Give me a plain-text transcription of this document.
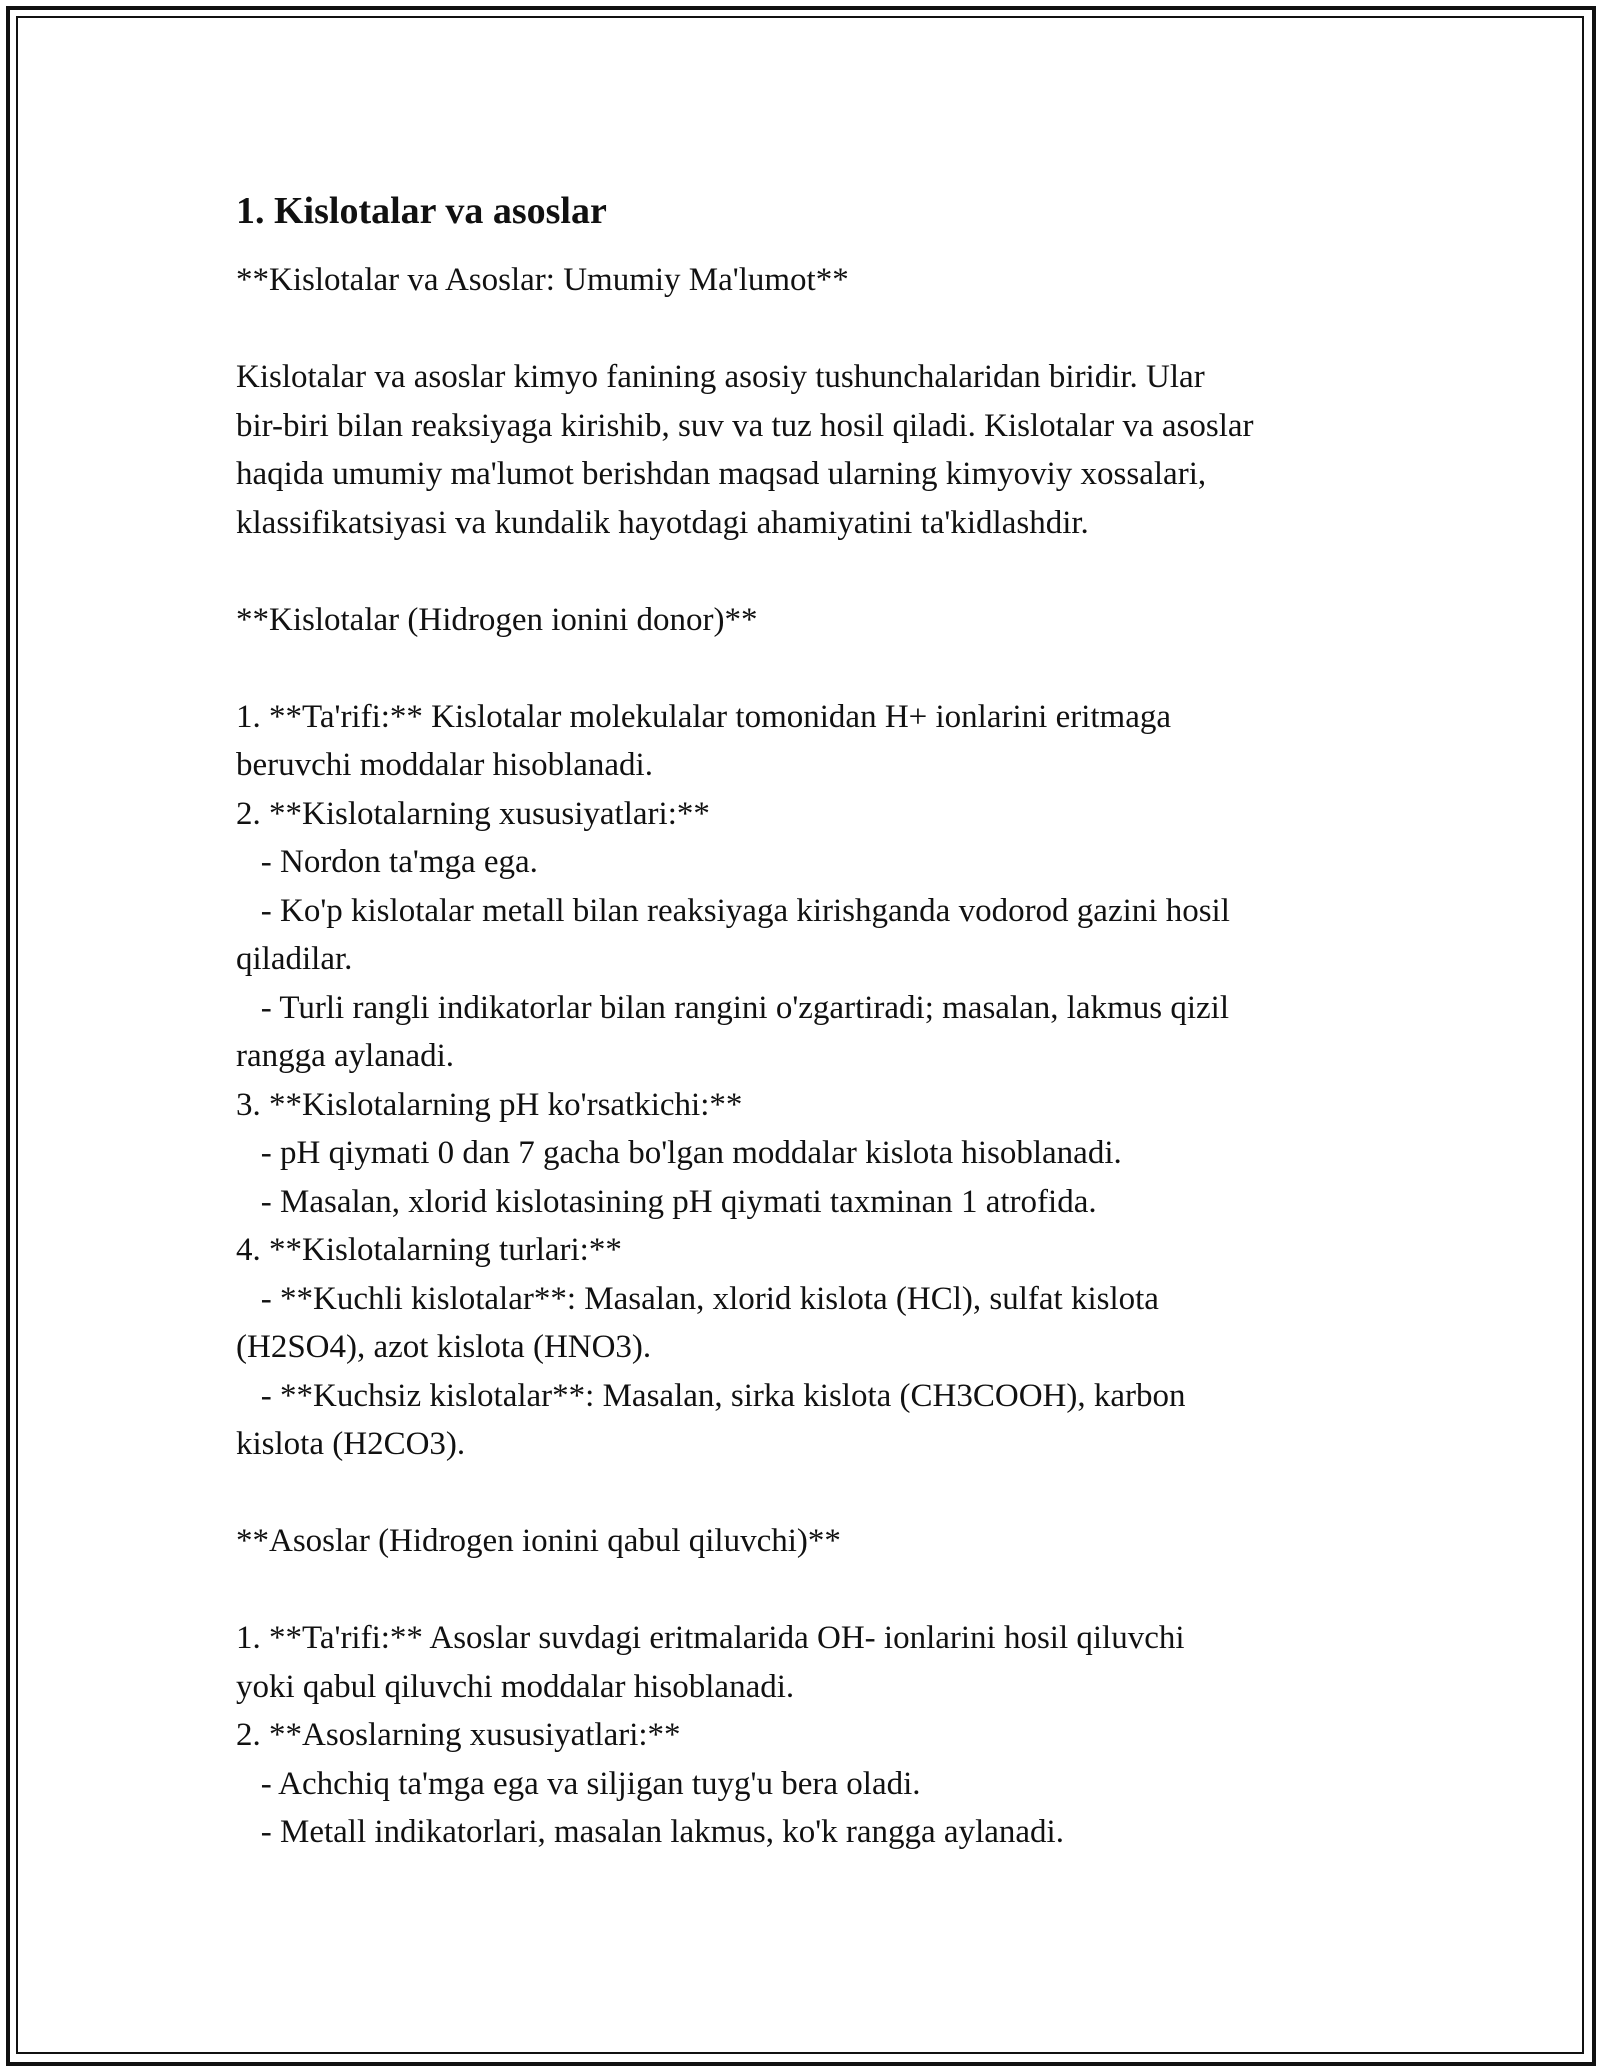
1. Kislotalar va asoslar
**Kislotalar va Asoslar: Umumiy Ma'lumot**
Kislotalar va asoslar kimyo fanining asosiy tushunchalaridan biridir. Ular
bir-biri bilan reaksiyaga kirishib, suv va tuz hosil qiladi. Kislotalar va asoslar
haqida umumiy ma'lumot berishdan maqsad ularning kimyoviy xossalari,
klassifikatsiyasi va kundalik hayotdagi ahamiyatini ta'kidlashdir.
**Kislotalar (Hidrogen ionini donor)**
1. **Ta'rifi:** Kislotalar molekulalar tomonidan H+ ionlarini eritmaga
beruvchi moddalar hisoblanadi.
2. **Kislotalarning xususiyatlari:**
- Nordon ta'mga ega.
- Ko'p kislotalar metall bilan reaksiyaga kirishganda vodorod gazini hosil
qiladilar.
- Turli rangli indikatorlar bilan rangini o'zgartiradi; masalan, lakmus qizil
rangga aylanadi.
3. **Kislotalarning pH ko'rsatkichi:**
- pH qiymati 0 dan 7 gacha bo'lgan moddalar kislota hisoblanadi.
- Masalan, xlorid kislotasining pH qiymati taxminan 1 atrofida.
4. **Kislotalarning turlari:**
- **Kuchli kislotalar**: Masalan, xlorid kislota (HCl), sulfat kislota
(H2SO4), azot kislota (HNO3).
- **Kuchsiz kislotalar**: Masalan, sirka kislota (CH3COOH), karbon
kislota (H2CO3).
**Asoslar (Hidrogen ionini qabul qiluvchi)**
1. **Ta'rifi:** Asoslar suvdagi eritmalarida OH- ionlarini hosil qiluvchi
yoki qabul qiluvchi moddalar hisoblanadi.
2. **Asoslarning xususiyatlari:**
- Achchiq ta'mga ega va siljigan tuyg'u bera oladi.
- Metall indikatorlari, masalan lakmus, ko'k rangga aylanadi.
